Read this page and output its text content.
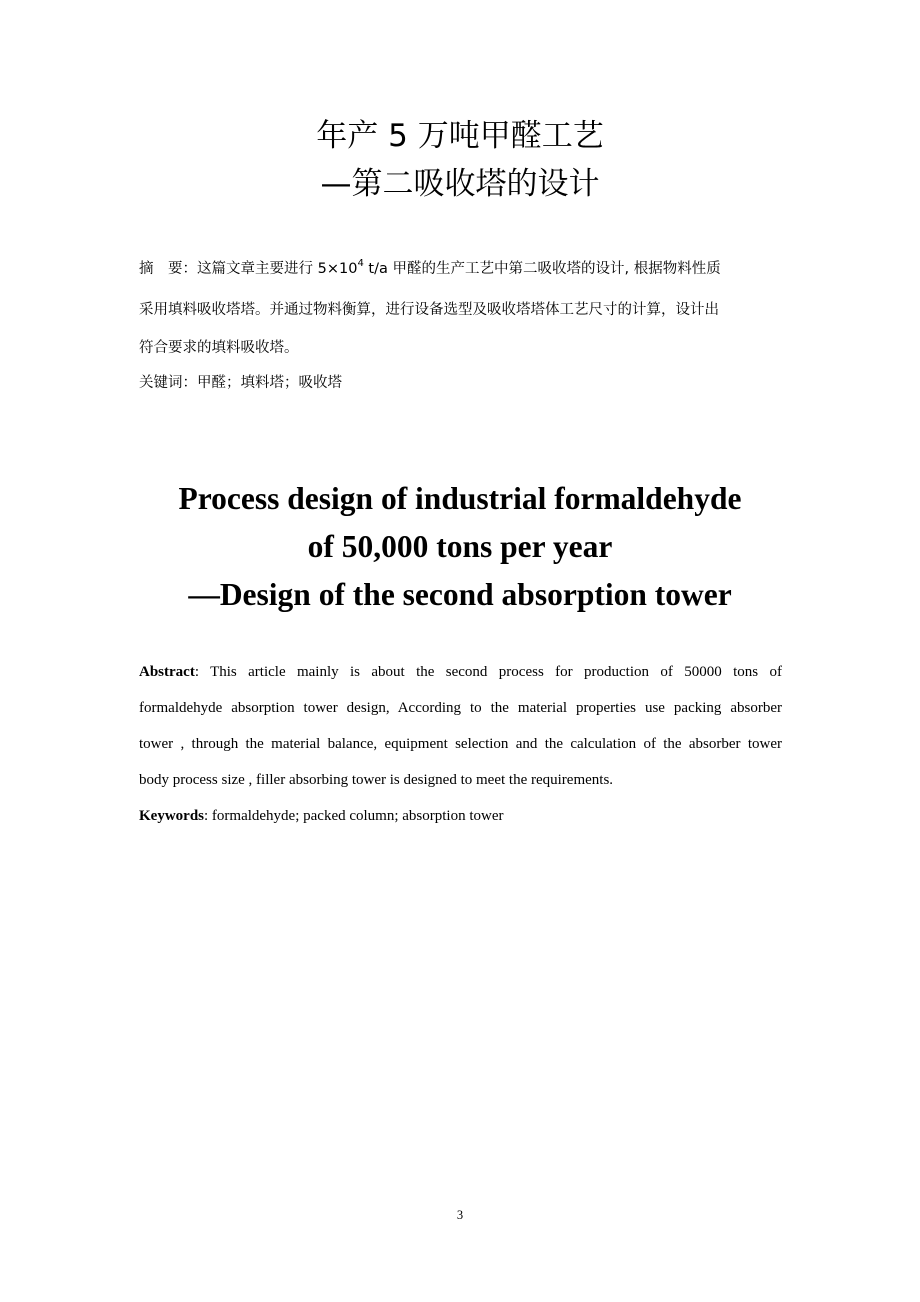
年产 5 万吨甲醛工艺
—第二吸收塔的设计
摘　要：这篇文章主要进行 $5\times 10^4$ t/a 甲醛的生产工艺中第二吸收塔的设计, 根据物料性质
采用填料吸收塔塔。并通过物料衡算，进行设备选型及吸收塔塔体工艺尺寸的计算，设计出
符合要求的填料吸收塔。
关键词：甲醛；填料塔；吸收塔
Process design of industrial formaldehyde
of 50,000 tons per year
—Design of the second absorption tower
Abstract: This article mainly is about the second process for production of 50000 tons of
formaldehyde absorption tower design, According to the material properties use packing absorber
tower , through the material balance, equipment selection and the calculation of the absorber tower
body process size , filler absorbing tower is designed to meet the requirements.
Keywords: formaldehyde; packed column; absorption tower
3
